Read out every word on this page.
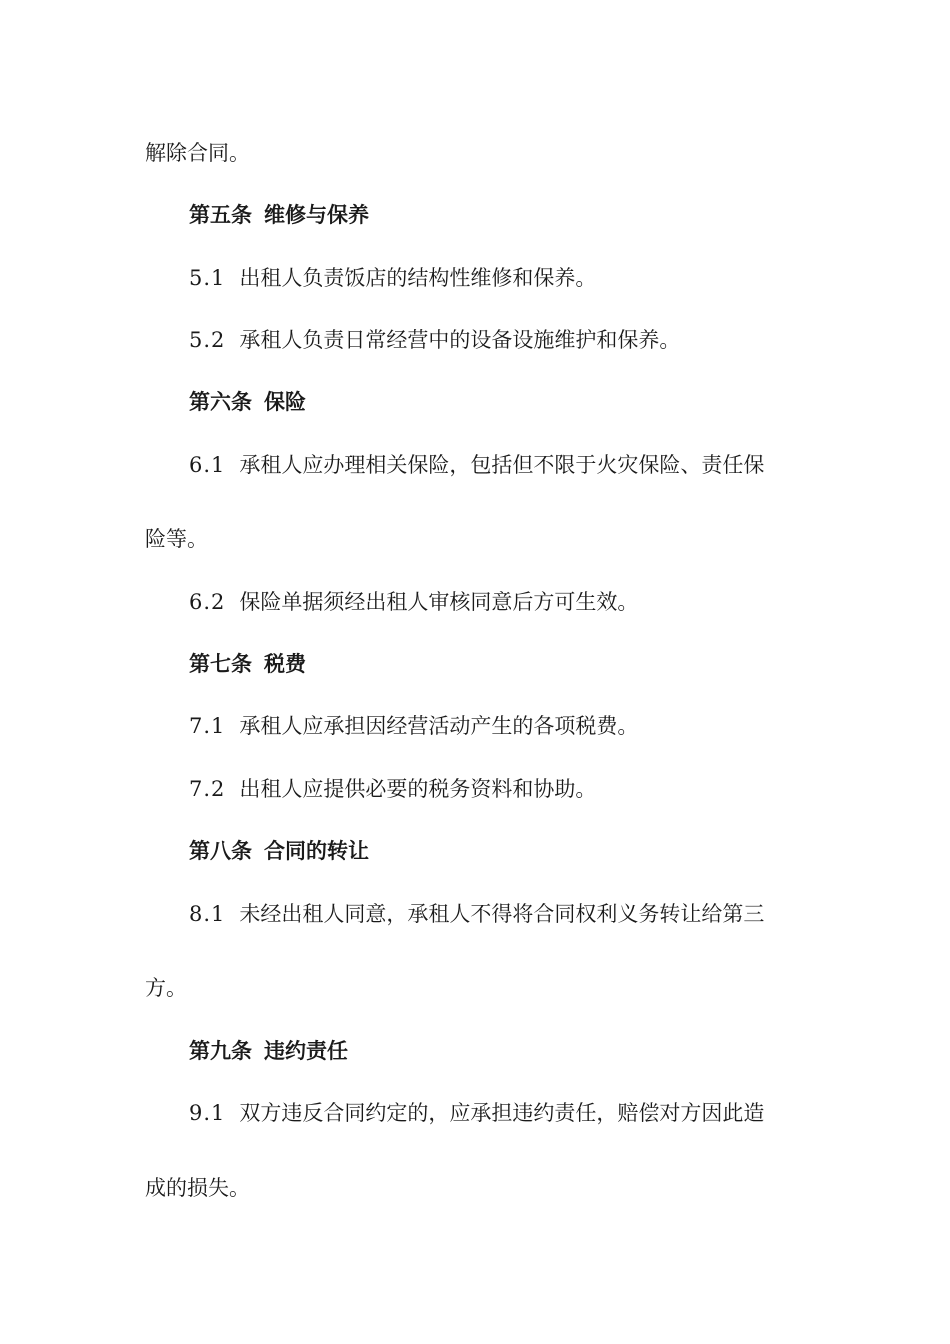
解除合同。

第五条 维修与保养

5.1 出租人负责饭店的结构性维修和保养。

5.2 承租人负责日常经营中的设备设施维护和保养。

第六条 保险

6.1 承租人应办理相关保险，包括但不限于火灾保险、责任保

险等。

6.2 保险单据须经出租人审核同意后方可生效。

第七条 税费

7.1 承租人应承担因经营活动产生的各项税费。

7.2 出租人应提供必要的税务资料和协助。

第八条 合同的转让

8.1 未经出租人同意，承租人不得将合同权利义务转让给第三

方。

第九条 违约责任

9.1 双方违反合同约定的，应承担违约责任，赔偿对方因此造

成的损失。
